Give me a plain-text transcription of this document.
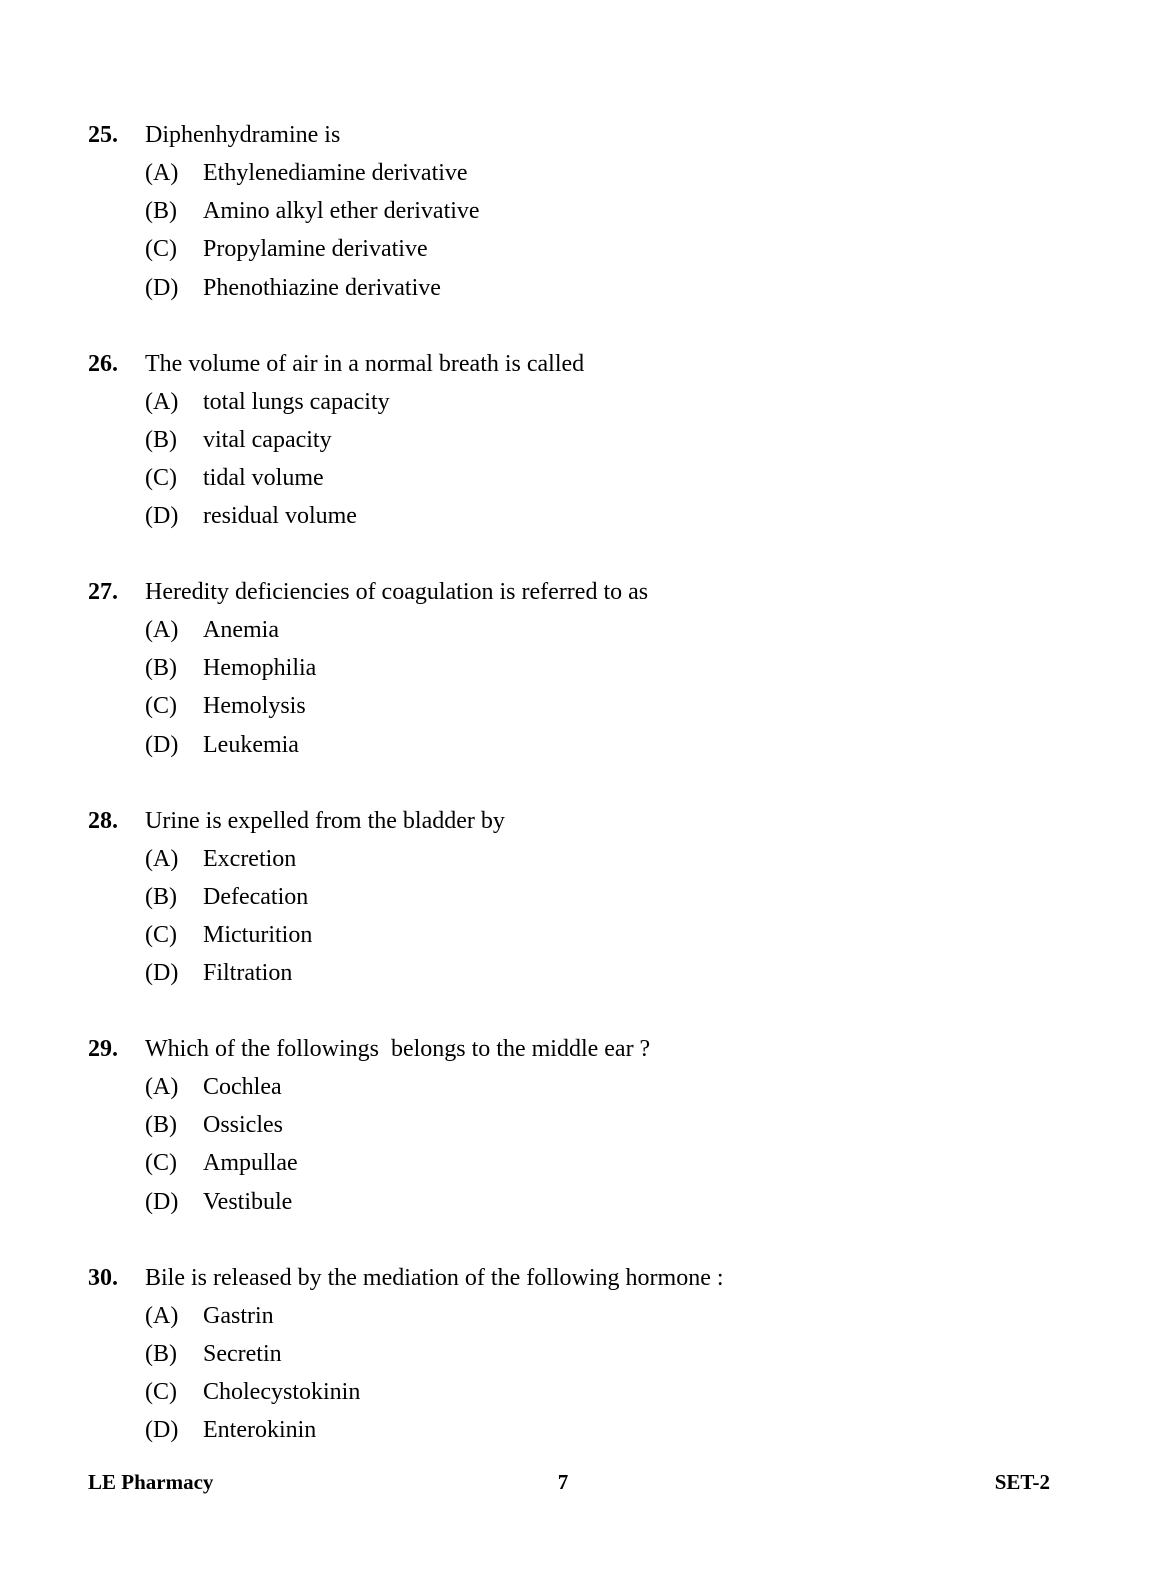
25.	Diphenhydramine is
(A)	Ethylenediamine derivative
(B)	Amino alkyl ether derivative
(C)	Propylamine derivative
(D)	Phenothiazine derivative
26.	The volume of air in a normal breath is called
(A)	total lungs capacity
(B)	vital capacity
(C)	tidal volume
(D)	residual volume
27.	Heredity deficiencies of coagulation is referred to as
(A)	Anemia
(B)	Hemophilia
(C)	Hemolysis
(D)	Leukemia
28.	Urine is expelled from the bladder by
(A)	Excretion
(B)	Defecation
(C)	Micturition
(D)	Filtration
29.	Which of the followings  belongs to the middle ear ?
(A)	Cochlea
(B)	Ossicles
(C)	Ampullae
(D)	Vestibule
30.	Bile is released by the mediation of the following hormone :
(A)	Gastrin
(B)	Secretin
(C)	Cholecystokinin
(D)	Enterokinin
LE Pharmacy	7	SET-2
